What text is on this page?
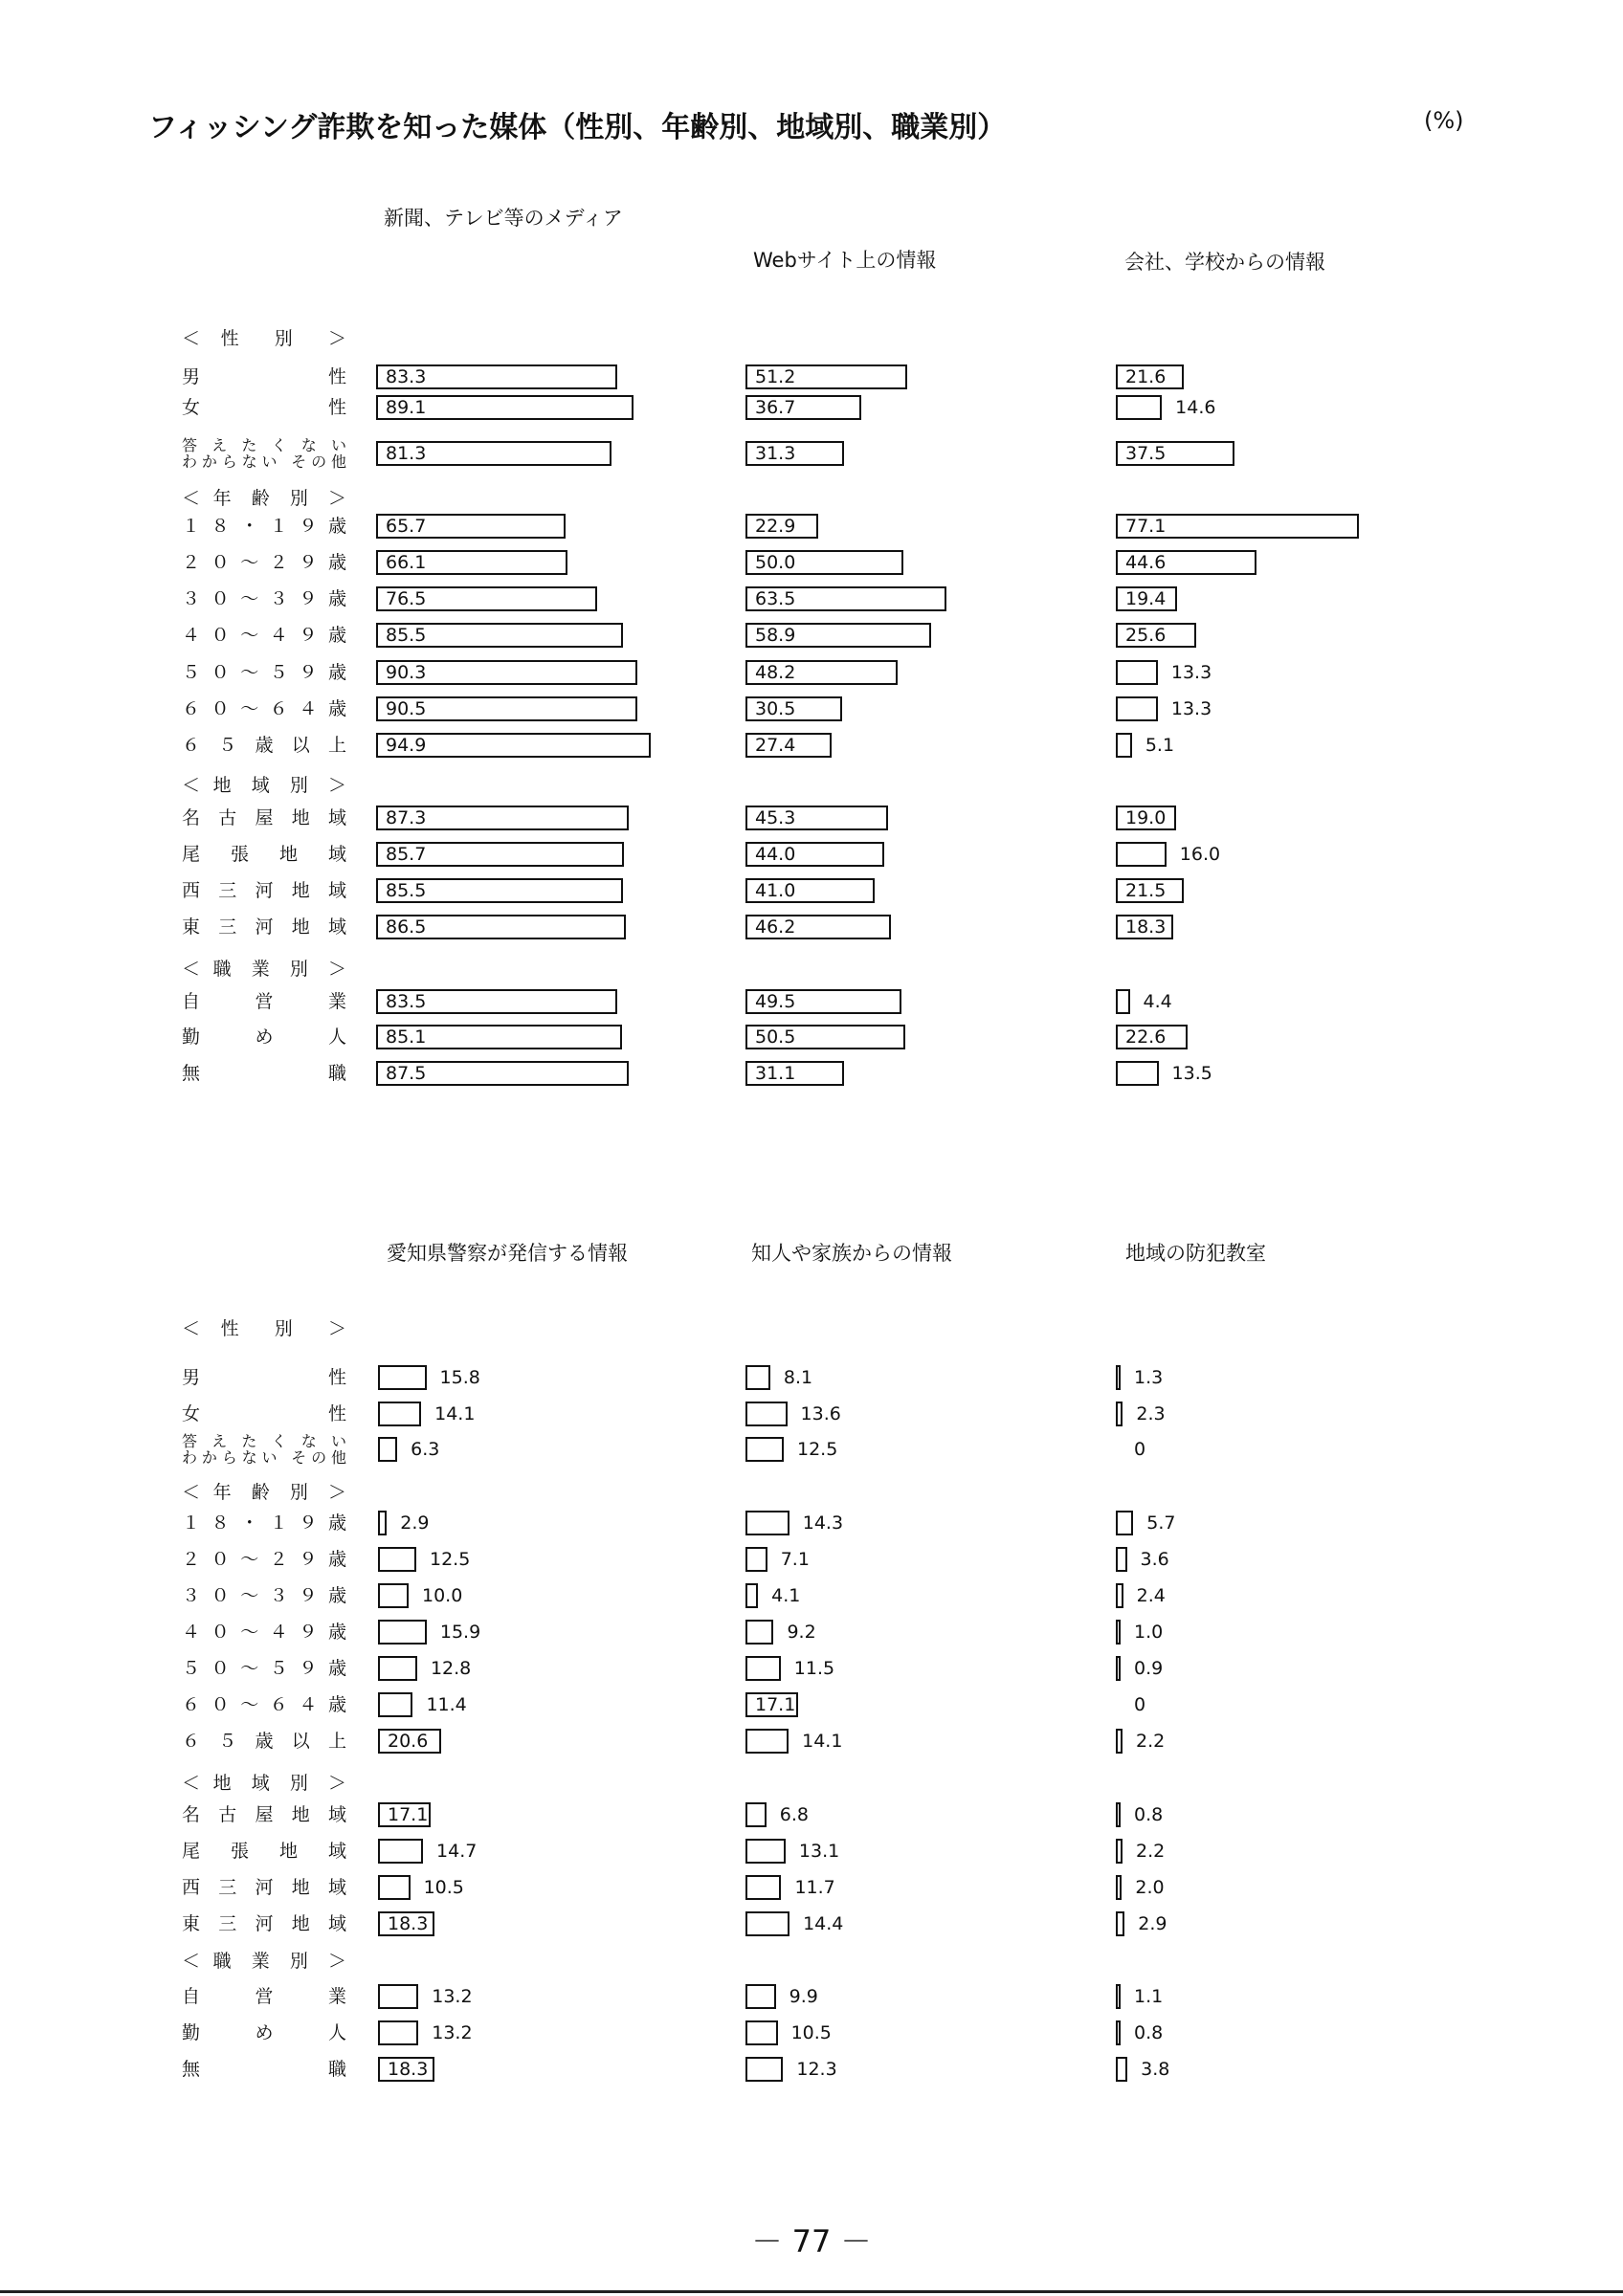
フィッシング詐欺を知った媒体（性別、年齢別、地域別、職業別）	(%)
＜ 性 別 ＞
男 性
女 性
答えたくない
わからない その他
＜ 年 齢 別 ＞
１８・１９歳
２０～２９歳
３０～３９歳
４０～４９歳
５０～５９歳
６０～６４歳
６５歳以上
＜ 地 域 別 ＞
名古屋地域
尾張地域
西三河地域
東三河地域
＜ 職 業 別 ＞
自営業
勤め人
無職
新聞、テレビ等のメディア
83.3
89.1
81.3
65.7
66.1
76.5
85.5
90.3
90.5
94.9
87.3
85.7
85.5
86.5
83.5
85.1
87.5
Webサイト上の情報
51.2
36.7
31.3
22.9
50.0
63.5
58.9
48.2
30.5
27.4
45.3
44.0
41.0
46.2
49.5
50.5
31.1
会社、学校からの情報
21.6
14.6
37.5
77.1
44.6
19.4
25.6
13.3
13.3
5.1
19.0
16.0
21.5
18.3
4.4
22.6
13.5
＜ 性 別 ＞
男 性
女 性
答えたくない
わからない その他
＜ 年 齢 別 ＞
１８・１９歳
２０～２９歳
３０～３９歳
４０～４９歳
５０～５９歳
６０～６４歳
６５歳以上
＜ 地 域 別 ＞
名古屋地域
尾張地域
西三河地域
東三河地域
＜ 職 業 別 ＞
自営業
勤め人
無職
愛知県警察が発信する情報
15.8
14.1
6.3
2.9
12.5
10.0
15.9
12.8
11.4
20.6
17.1
14.7
10.5
18.3
13.2
13.2
18.3
知人や家族からの情報
8.1
13.6
12.5
14.3
7.1
4.1
9.2
11.5
17.1
14.1
6.8
13.1
11.7
14.4
9.9
10.5
12.3
地域の防犯教室
1.3
2.3
0
5.7
3.6
2.4
1.0
0.9
0
2.2
0.8
2.2
2.0
2.9
1.1
0.8
3.8
－ 77 －
